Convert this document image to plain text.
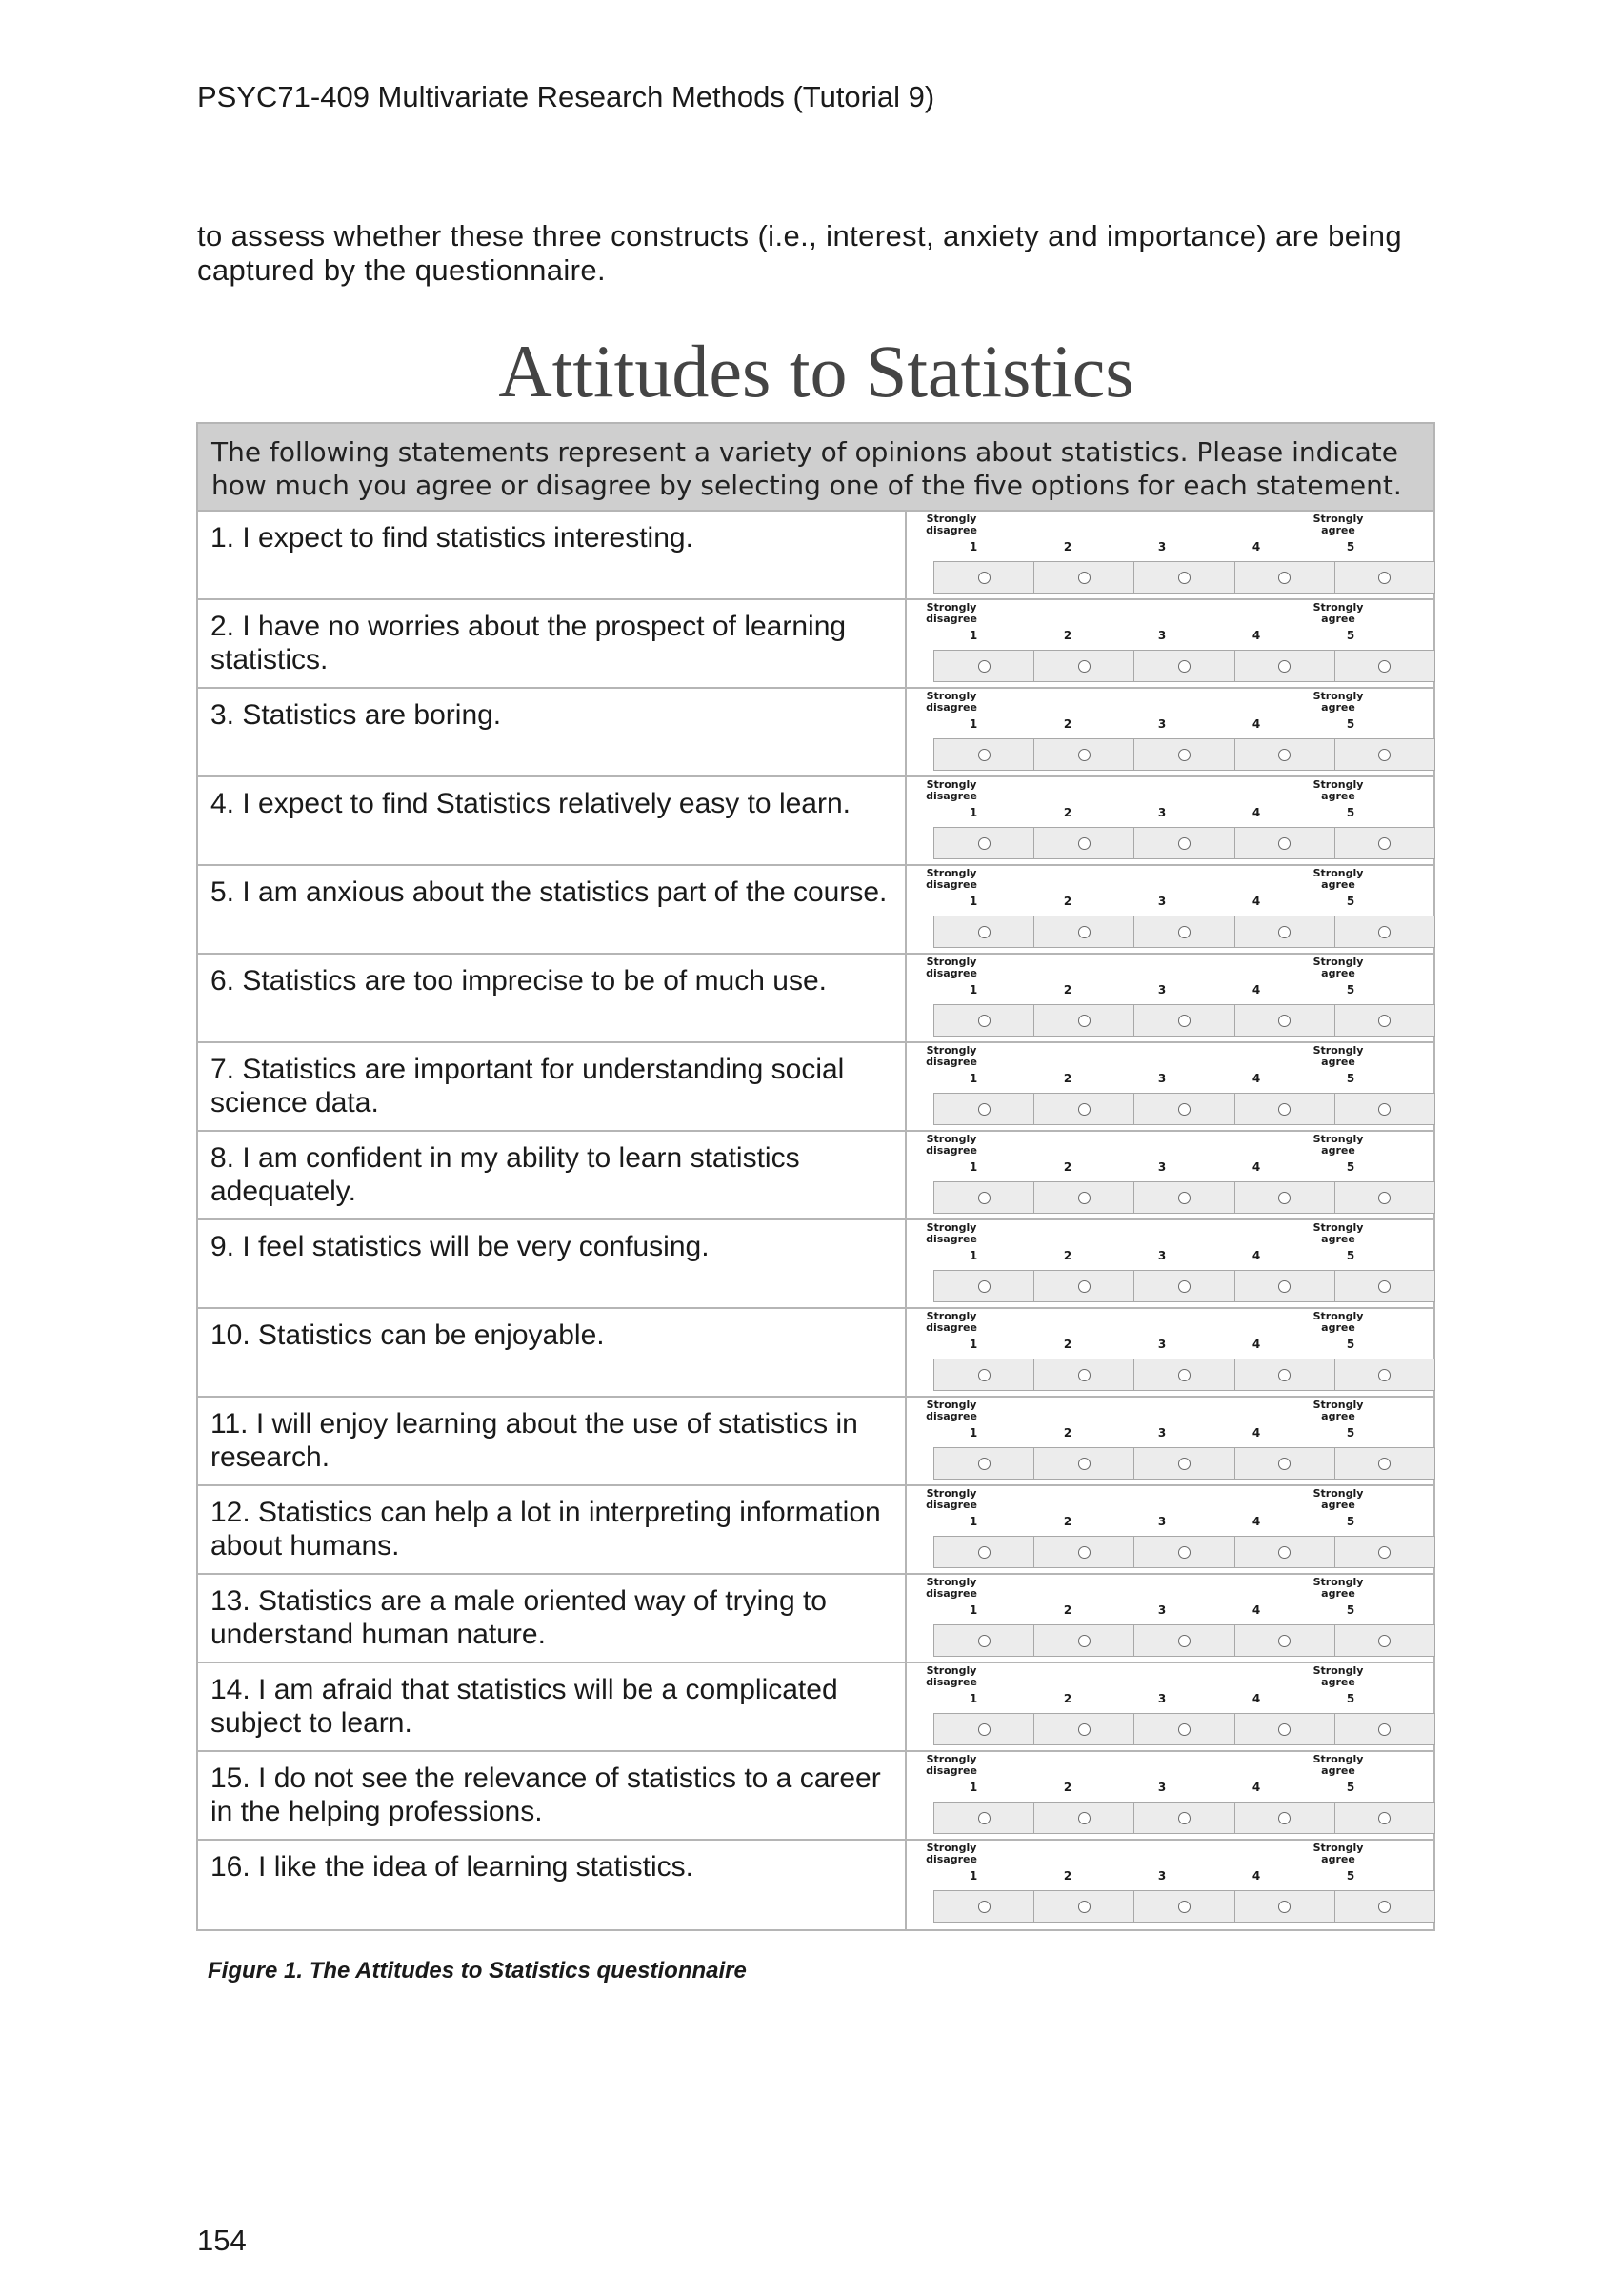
PSYC71-409 Multivariate Research Methods (Tutorial 9)
to assess whether these three constructs (i.e., interest, anxiety and importance) are being captured by the questionnaire.
Attitudes to Statistics
The following statements represent a variety of opinions about statistics. Please indicate how much you agree or disagree by selecting one of the five options for each statement.
1. I expect to find statistics interesting.
Strongly disagree
Strongly agree
1	2	3	4	5
2. I have no worries about the prospect of learning statistics.
Strongly disagree
Strongly agree
1	2	3	4	5
3. Statistics are boring.
Strongly disagree
Strongly agree
1	2	3	4	5
4. I expect to find Statistics relatively easy to learn.
Strongly disagree
Strongly agree
1	2	3	4	5
5. I am anxious about the statistics part of the course.
Strongly disagree
Strongly agree
1	2	3	4	5
6. Statistics are too imprecise to be of much use.
Strongly disagree
Strongly agree
1	2	3	4	5
7. Statistics are important for understanding social science data.
Strongly disagree
Strongly agree
1	2	3	4	5
8. I am confident in my ability to learn statistics adequately.
Strongly disagree
Strongly agree
1	2	3	4	5
9. I feel statistics will be very confusing.
Strongly disagree
Strongly agree
1	2	3	4	5
10. Statistics can be enjoyable.
Strongly disagree
Strongly agree
1	2	3	4	5
11. I will enjoy learning about the use of statistics in research.
Strongly disagree
Strongly agree
1	2	3	4	5
12. Statistics can help a lot in interpreting information about humans.
Strongly disagree
Strongly agree
1	2	3	4	5
13. Statistics are a male oriented way of trying to understand human nature.
Strongly disagree
Strongly agree
1	2	3	4	5
14. I am afraid that statistics will be a complicated subject to learn.
Strongly disagree
Strongly agree
1	2	3	4	5
15. I do not see the relevance of statistics to a career in the helping professions.
Strongly disagree
Strongly agree
1	2	3	4	5
16. I like the idea of learning statistics.
Strongly disagree
Strongly agree
1	2	3	4	5
Figure 1. The Attitudes to Statistics questionnaire
154
